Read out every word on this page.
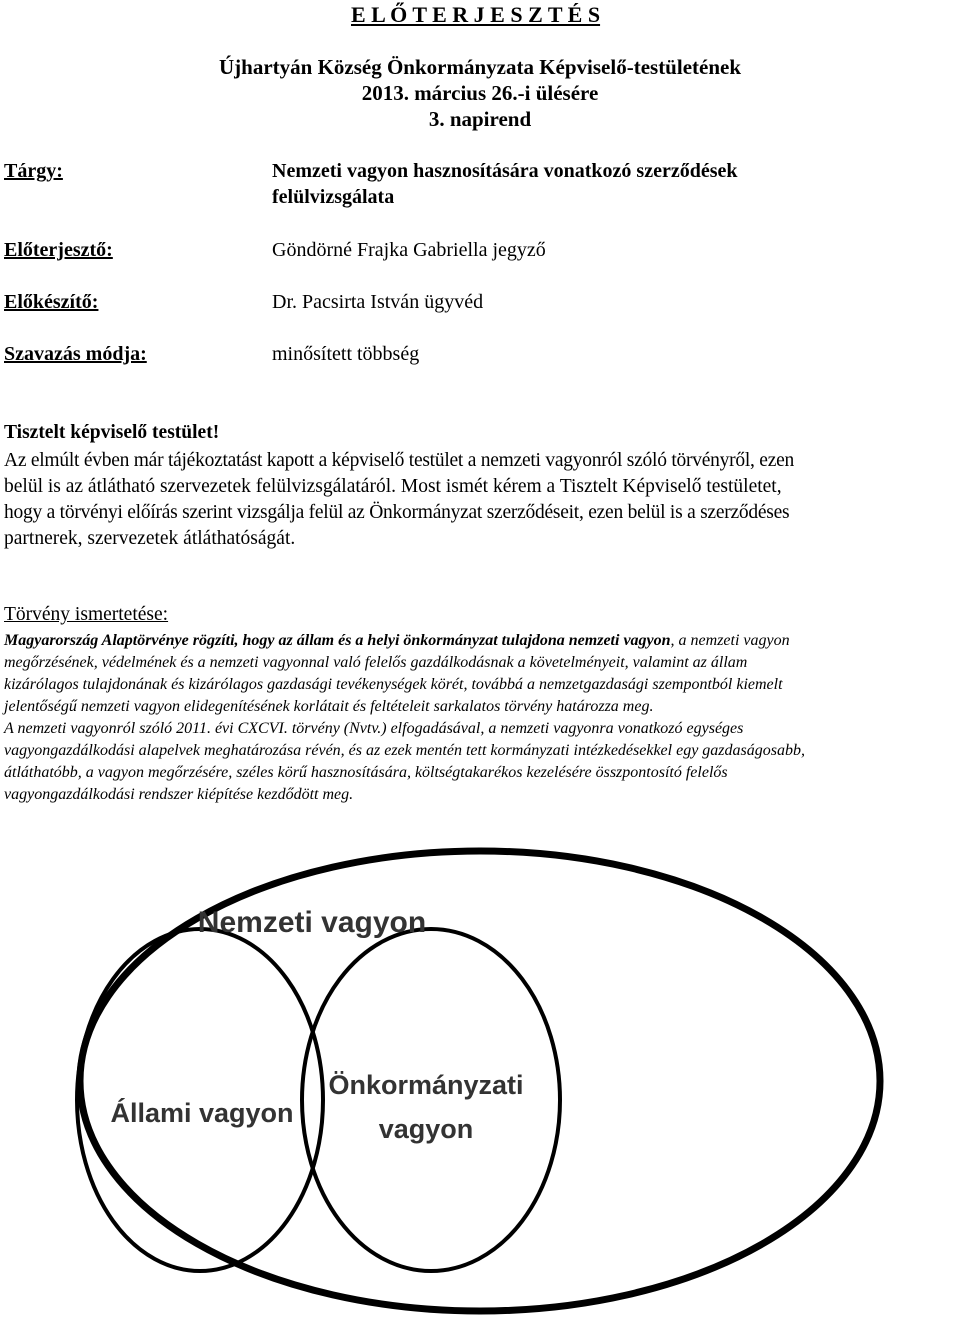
E L Ő T E R J E S Z T É S
Újhartyán Község Önkormányzata Képviselő-testületének
2013. március 26.-i ülésére
3. napirend
Tárgy:	Nemzeti vagyon hasznosítására vonatkozó szerződések
felülvizsgálata
Előterjesztő:	Göndörné Frajka Gabriella jegyző
Előkészítő:	Dr. Pacsirta István ügyvéd
Szavazás módja:	minősített többség
Tisztelt képviselő testület!
Az elmúlt évben már tájékoztatást kapott a képviselő testület a nemzeti vagyonról szóló törvényről, ezen
belül is az átlátható szervezetek felülvizsgálatáról. Most ismét kérem a Tisztelt Képviselő testületet,
hogy a törvényi előírás szerint vizsgálja felül az Önkormányzat szerződéseit, ezen belül is a szerződéses
partnerek, szervezetek átláthatóságát.
Törvény ismertetése:
Magyarország Alaptörvénye rögzíti, hogy az állam és a helyi önkormányzat tulajdona nemzeti vagyon, a nemzeti vagyon
megőrzésének, védelmének és a nemzeti vagyonnal való felelős gazdálkodásnak a követelményeit, valamint az állam
kizárólagos tulajdonának és kizárólagos gazdasági tevékenységek körét, továbbá a nemzetgazdasági szempontból kiemelt
jelentőségű nemzeti vagyon elidegenítésének korlátait és feltételeit sarkalatos törvény határozza meg.
A nemzeti vagyonról szóló 2011. évi CXCVI. törvény (Nvtv.) elfogadásával, a nemzeti vagyonra vonatkozó egységes
vagyongazdálkodási alapelvek meghatározása révén, és az ezek mentén tett kormányzati intézkedésekkel egy gazdaságosabb,
átláthatóbb, a vagyon megőrzésére, széles körű hasznosítására, költségtakarékos kezelésére összpontosító felelős
vagyongazdálkodási rendszer kiépítése kezdődött meg.
Nemzeti vagyon
Állami vagyon
Önkormányzati
vagyon
